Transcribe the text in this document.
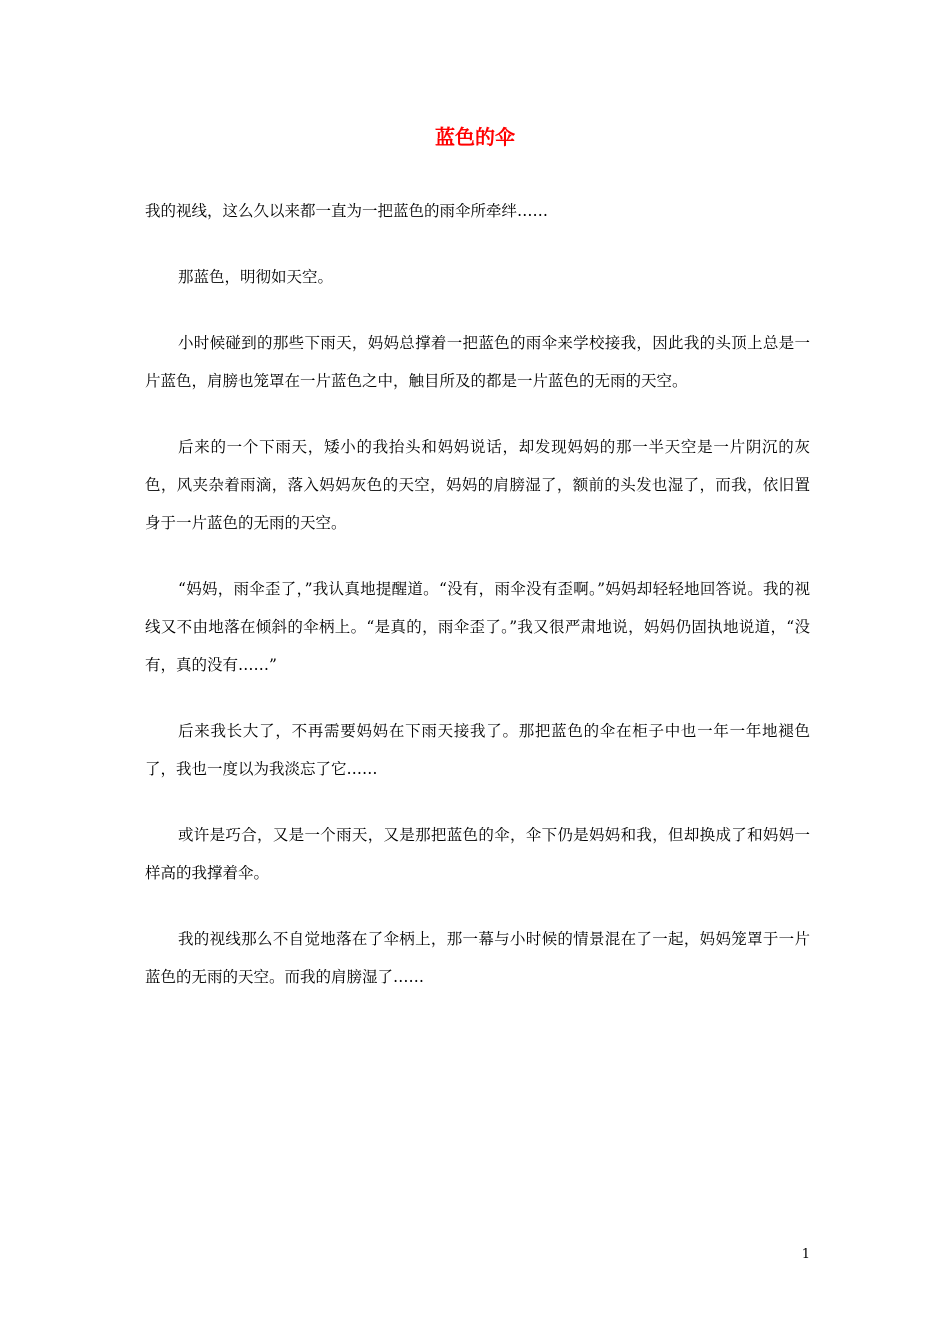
蓝色的伞

我的视线，这么久以来都一直为一把蓝色的雨伞所牵绊……

那蓝色，明彻如天空。

小时候碰到的那些下雨天，妈妈总撑着一把蓝色的雨伞来学校接我，因此我的头顶上总是一片蓝色，肩膀也笼罩在一片蓝色之中，触目所及的都是一片蓝色的无雨的天空。

后来的一个下雨天，矮小的我抬头和妈妈说话，却发现妈妈的那一半天空是一片阴沉的灰色，风夹杂着雨滴，落入妈妈灰色的天空，妈妈的肩膀湿了，额前的头发也湿了，而我，依旧置身于一片蓝色的无雨的天空。

“妈妈，雨伞歪了，”我认真地提醒道。“没有，雨伞没有歪啊。”妈妈却轻轻地回答说。我的视线又不由地落在倾斜的伞柄上。“是真的，雨伞歪了。”我又很严肃地说，妈妈仍固执地说道，“没有，真的没有……”

后来我长大了，不再需要妈妈在下雨天接我了。那把蓝色的伞在柜子中也一年一年地褪色了，我也一度以为我淡忘了它……

或许是巧合，又是一个雨天，又是那把蓝色的伞，伞下仍是妈妈和我，但却换成了和妈妈一样高的我撑着伞。

我的视线那么不自觉地落在了伞柄上，那一幕与小时候的情景混在了一起，妈妈笼罩于一片蓝色的无雨的天空。而我的肩膀湿了……

1
